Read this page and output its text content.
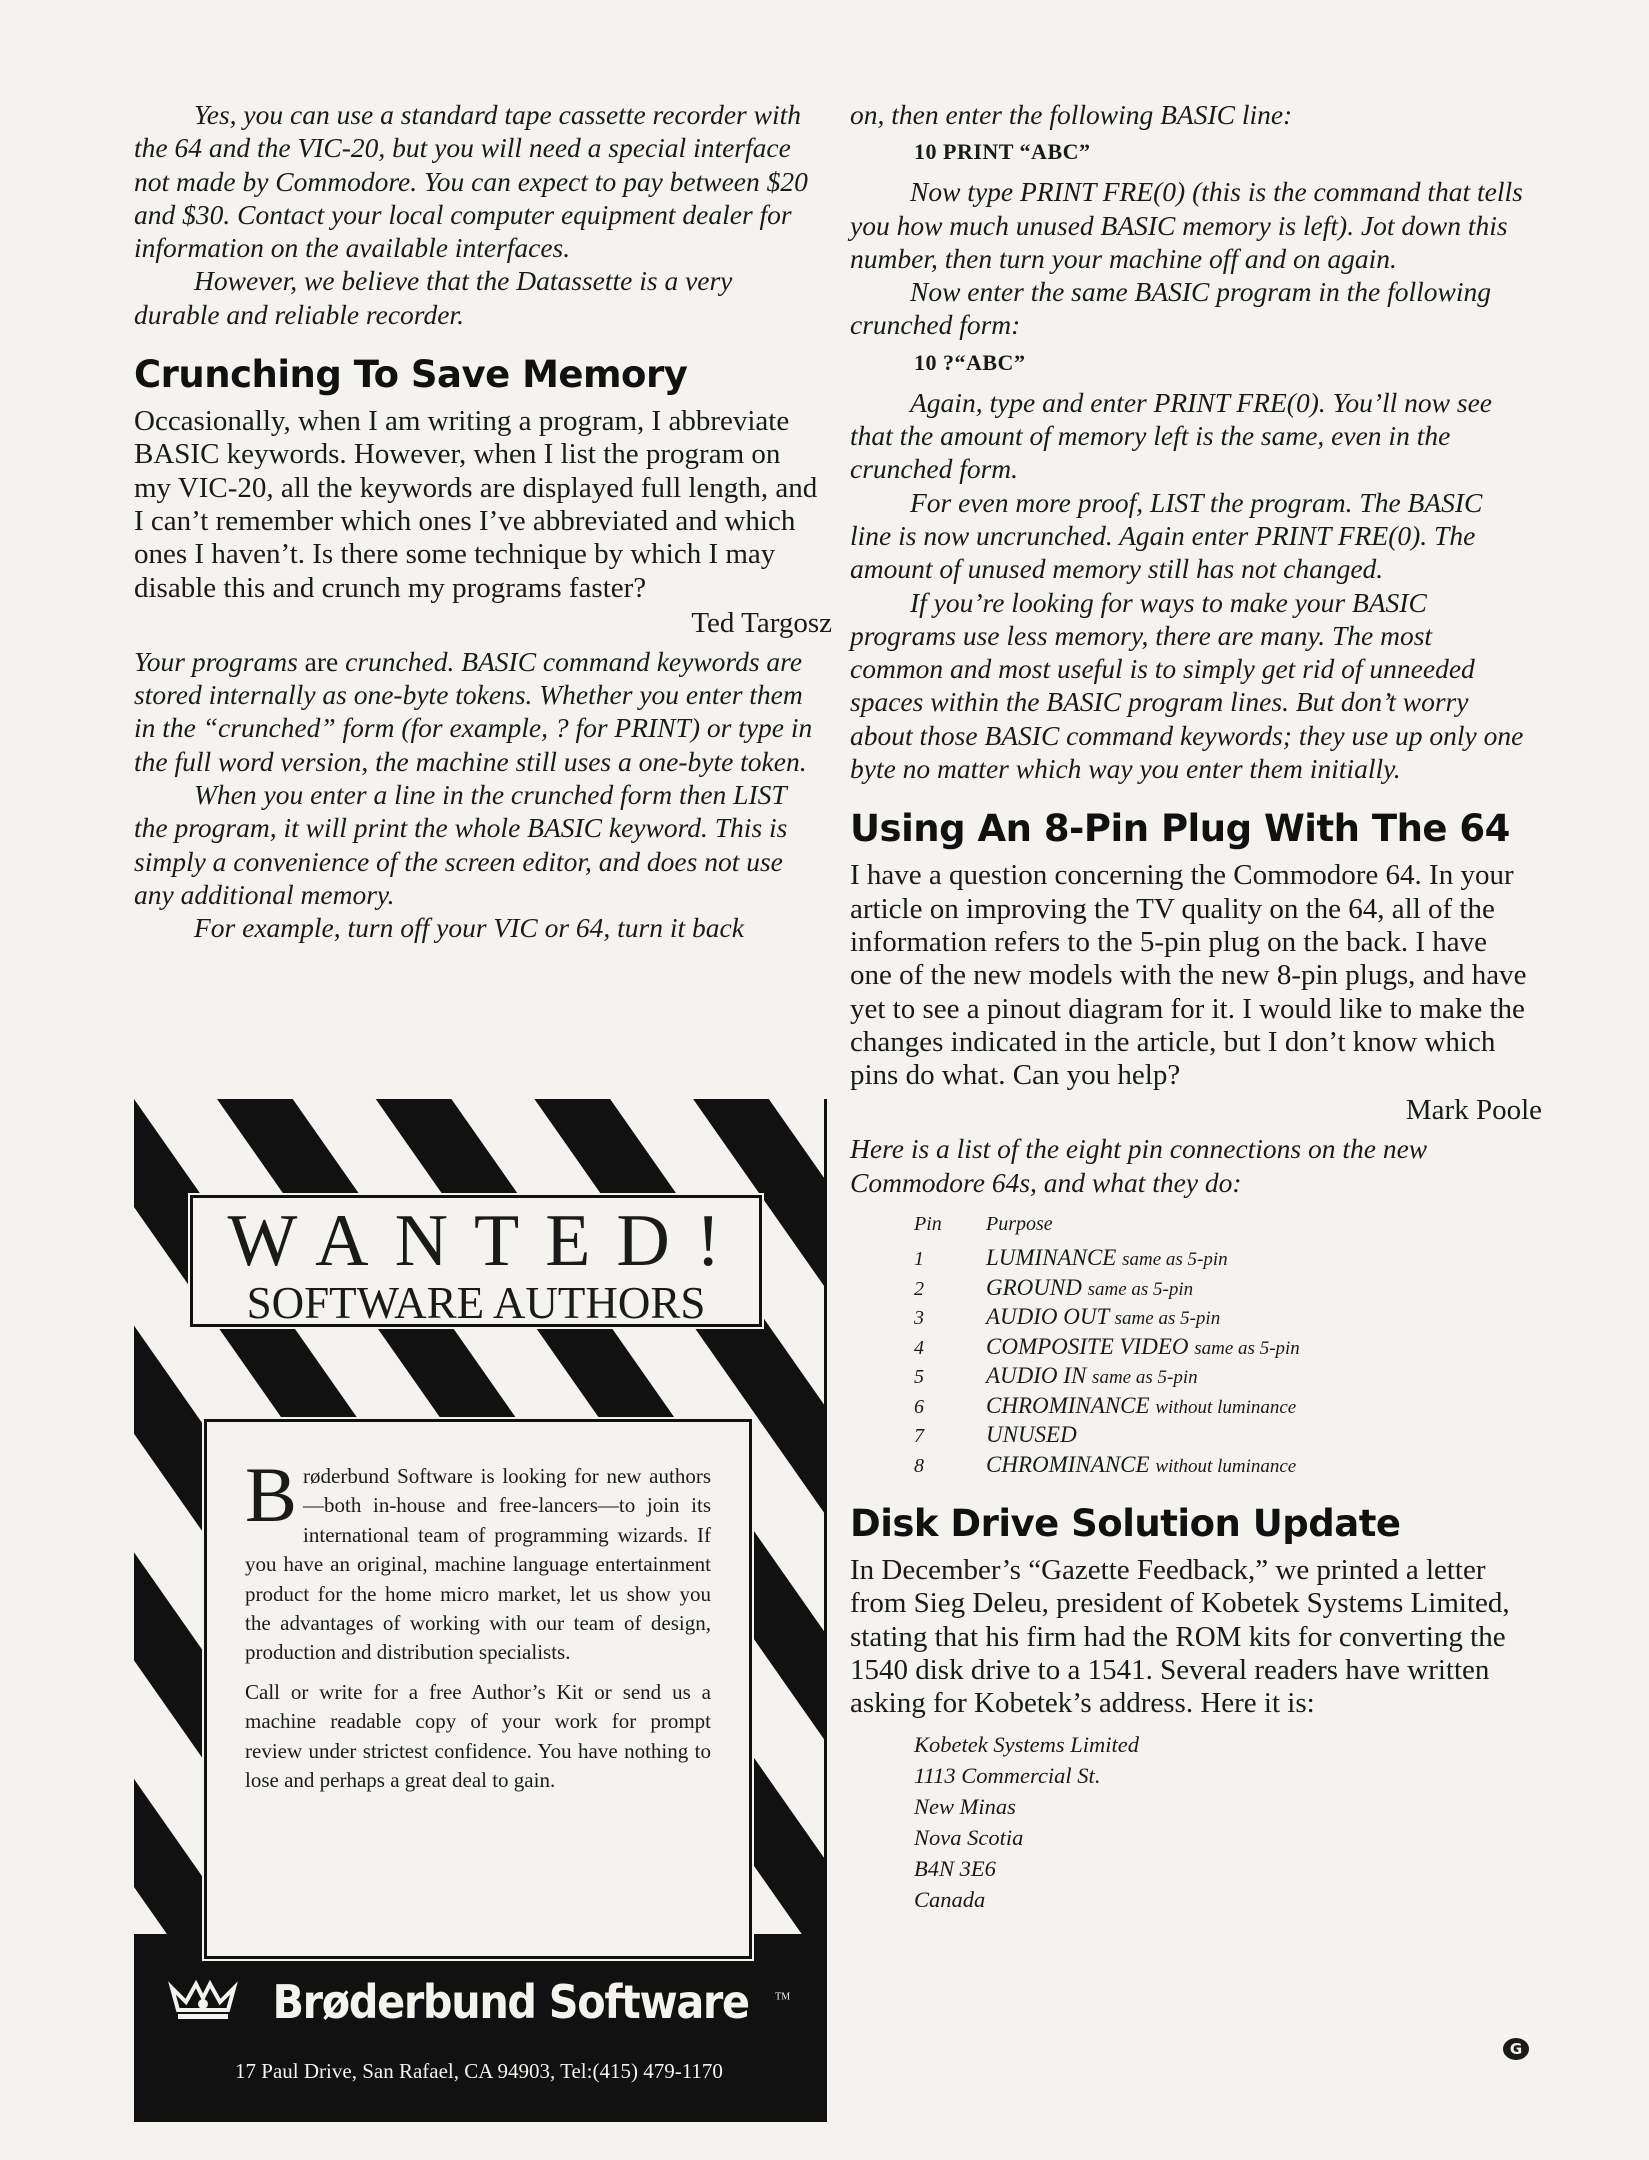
Yes, you can use a standard tape cassette recorder with the 64 and the VIC-20, but you will need a special interface not made by Commodore. You can expect to pay between $20 and $30. Contact your local computer equipment dealer for information on the available interfaces.

However, we believe that the Datassette is a very durable and reliable recorder.

Crunching To Save Memory

Occasionally, when I am writing a program, I abbreviate BASIC keywords. However, when I list the program on my VIC-20, all the keywords are displayed full length, and I can’t remember which ones I’ve abbreviated and which ones I haven’t. Is there some technique by which I may disable this and crunch my programs faster?

Ted Targosz

Your programs are crunched. BASIC command keywords are stored internally as one-byte tokens. Whether you enter them in the “crunched” form (for example, ? for PRINT) or type in the full word version, the machine still uses a one-byte token.

When you enter a line in the crunched form then LIST the program, it will print the whole BASIC keyword. This is simply a convenience of the screen editor, and does not use any additional memory.

For example, turn off your VIC or 64, turn it back

WANTED!
SOFTWARE AUTHORS

Brøderbund Software is looking for new authors—both in-house and free-lancers—to join its international team of programming wizards. If you have an original, machine language entertainment product for the home micro market, let us show you the advantages of working with our team of design, production and distribution specialists.

Call or write for a free Author’s Kit or send us a machine readable copy of your work for prompt review under strictest confidence. You have nothing to lose and perhaps a great deal to gain.

Brøderbund Software	™
17 Paul Drive, San Rafael, CA 94903, Tel:(415) 479-1170

on, then enter the following BASIC line:

10 PRINT “ABC”

Now type PRINT FRE(0) (this is the command that tells you how much unused BASIC memory is left). Jot down this number, then turn your machine off and on again.

Now enter the same BASIC program in the following crunched form:

10 ?“ABC”

Again, type and enter PRINT FRE(0). You’ll now see that the amount of memory left is the same, even in the crunched form.

For even more proof, LIST the program. The BASIC line is now uncrunched. Again enter PRINT FRE(0). The amount of unused memory still has not changed.

If you’re looking for ways to make your BASIC programs use less memory, there are many. The most common and most useful is to simply get rid of unneeded spaces within the BASIC program lines. But don’t worry about those BASIC command keywords; they use up only one byte no matter which way you enter them initially.

Using An 8-Pin Plug With The 64

I have a question concerning the Commodore 64. In your article on improving the TV quality on the 64, all of the information refers to the 5-pin plug on the back. I have one of the new models with the new 8-pin plugs, and have yet to see a pinout diagram for it. I would like to make the changes indicated in the article, but I don’t know which pins do what. Can you help?

Mark Poole

Here is a list of the eight pin connections on the new Commodore 64s, and what they do:

Pin Purpose
1	LUMINANCE same as 5-pin
2	GROUND same as 5-pin
3	AUDIO OUT same as 5-pin
4	COMPOSITE VIDEO same as 5-pin
5	AUDIO IN same as 5-pin
6	CHROMINANCE without luminance
7	UNUSED
8	CHROMINANCE without luminance
Disk Drive Solution Update

In December’s “Gazette Feedback,” we printed a letter from Sieg Deleu, president of Kobetek Systems Limited, stating that his firm had the ROM kits for converting the 1540 disk drive to a 1541. Several readers have written asking for Kobetek’s address. Here it is:

Kobetek Systems Limited
1113 Commercial St.
New Minas
Nova Scotia
B4N 3E6
Canada
G
